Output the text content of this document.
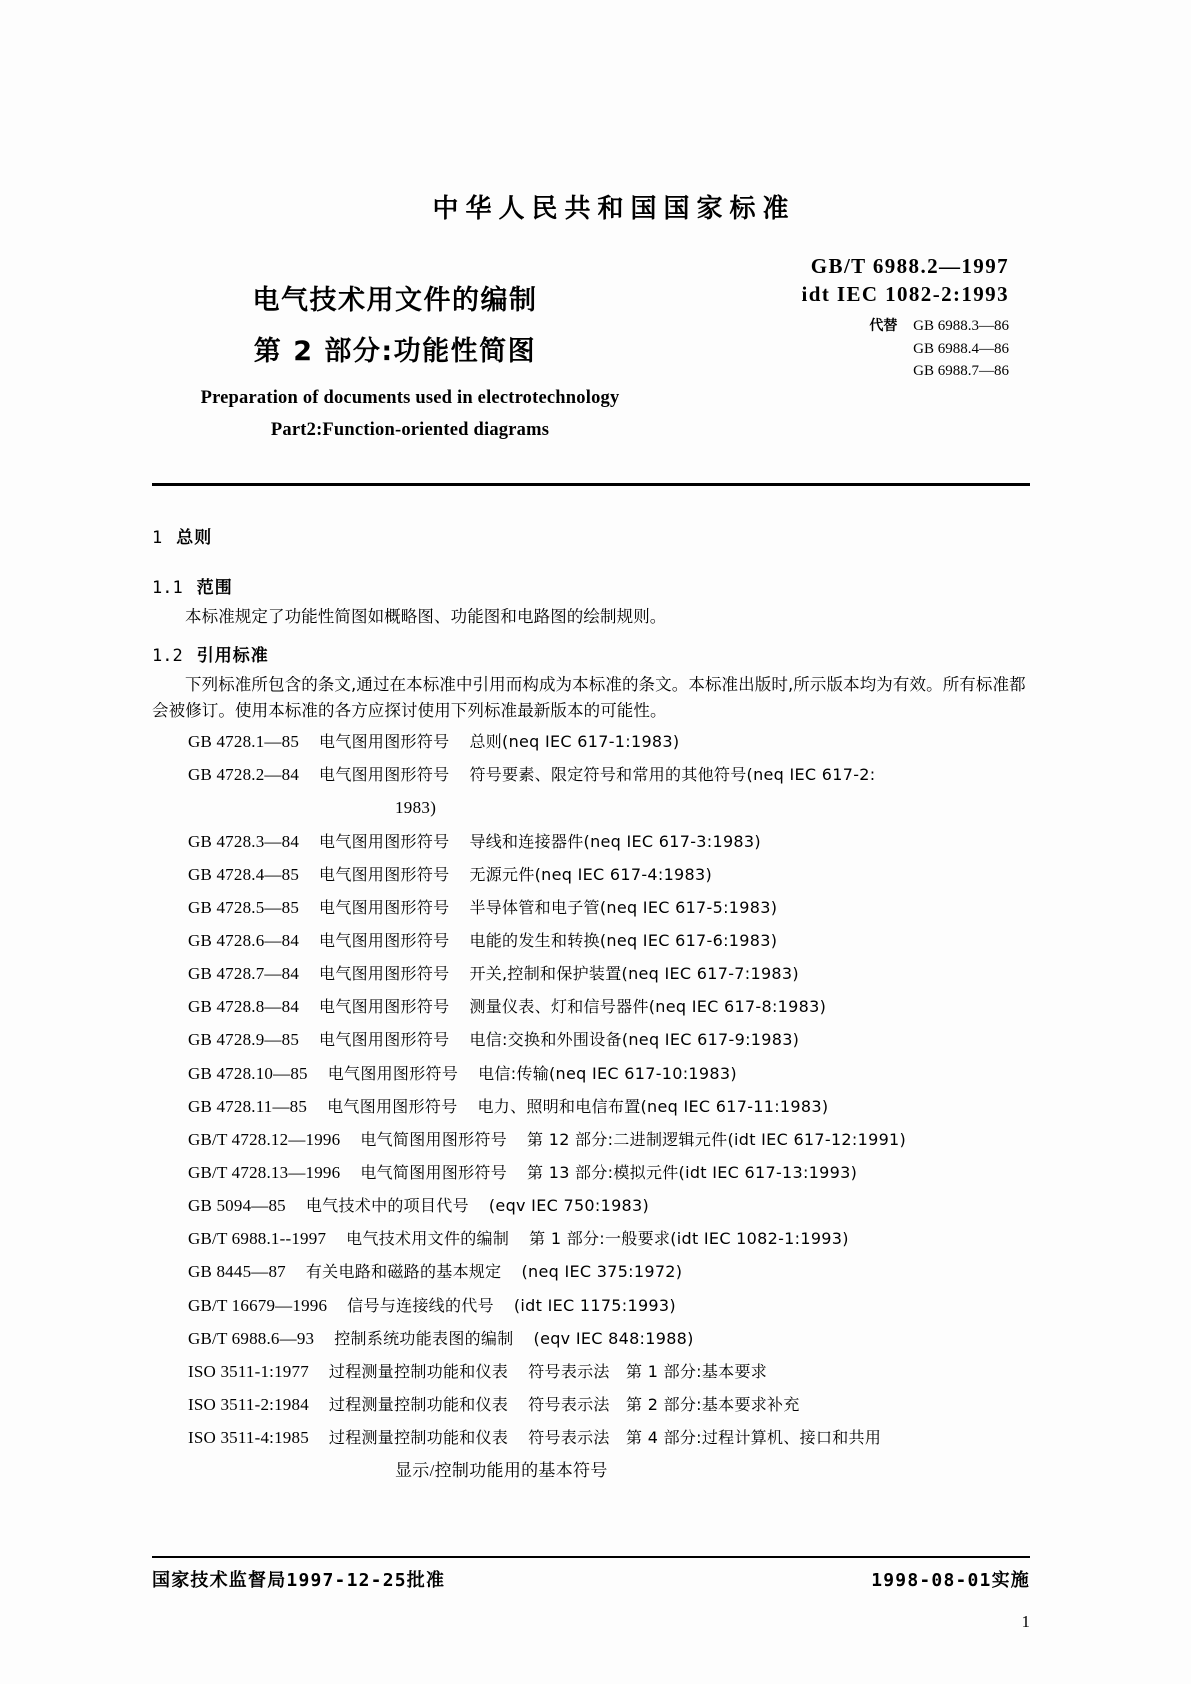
中华人民共和国国家标准
电气技术用文件的编制
第 2 部分:功能性简图
GB/T 6988.2—1997
idt IEC 1082-2:1993
代替 GB 6988.3—86
GB 6988.4—86
GB 6988.7—86
Preparation of documents used in electrotechnology
Part2:Function-oriented diagrams
1 总则
1.1 范围

本标准规定了功能性简图如概略图、功能图和电路图的绘制规则。

1.2 引用标准

下列标准所包含的条文,通过在本标准中引用而构成为本标准的条文。本标准出版时,所示版本均为有效。所有标准都会被修订。使用本标准的各方应探讨使用下列标准最新版本的可能性。

GB 4728.1—85 电气图用图形符号 总则(neq IEC 617-1:1983)
GB 4728.2—84 电气图用图形符号 符号要素、限定符号和常用的其他符号(neq IEC 617-2:
1983)
GB 4728.3—84 电气图用图形符号 导线和连接器件(neq IEC 617-3:1983)
GB 4728.4—85 电气图用图形符号 无源元件(neq IEC 617-4:1983)
GB 4728.5—85 电气图用图形符号 半导体管和电子管(neq IEC 617-5:1983)
GB 4728.6—84 电气图用图形符号 电能的发生和转换(neq IEC 617-6:1983)
GB 4728.7—84 电气图用图形符号 开关,控制和保护装置(neq IEC 617-7:1983)
GB 4728.8—84 电气图用图形符号 测量仪表、灯和信号器件(neq IEC 617-8:1983)
GB 4728.9—85 电气图用图形符号 电信:交换和外围设备(neq IEC 617-9:1983)
GB 4728.10—85 电气图用图形符号 电信:传输(neq IEC 617-10:1983)
GB 4728.11—85 电气图用图形符号 电力、照明和电信布置(neq IEC 617-11:1983)
GB/T 4728.12—1996 电气简图用图形符号 第 12 部分:二进制逻辑元件(idt IEC 617-12:1991)
GB/T 4728.13—1996 电气简图用图形符号 第 13 部分:模拟元件(idt IEC 617-13:1993)
GB 5094—85 电气技术中的项目代号 (eqv IEC 750:1983)
GB/T 6988.1--1997 电气技术用文件的编制 第 1 部分:一般要求(idt IEC 1082-1:1993)
GB 8445—87 有关电路和磁路的基本规定 (neq IEC 375:1972)
GB/T 16679—1996 信号与连接线的代号 (idt IEC 1175:1993)
GB/T 6988.6—93 控制系统功能表图的编制 (eqv IEC 848:1988)
ISO 3511-1:1977 过程测量控制功能和仪表 符号表示法　第 1 部分:基本要求
ISO 3511-2:1984 过程测量控制功能和仪表 符号表示法　第 2 部分:基本要求补充
ISO 3511-4:1985 过程测量控制功能和仪表 符号表示法　第 4 部分:过程计算机、接口和共用
显示/控制功能用的基本符号
国家技术监督局1997-12-25批准	1998-08-01实施
1
